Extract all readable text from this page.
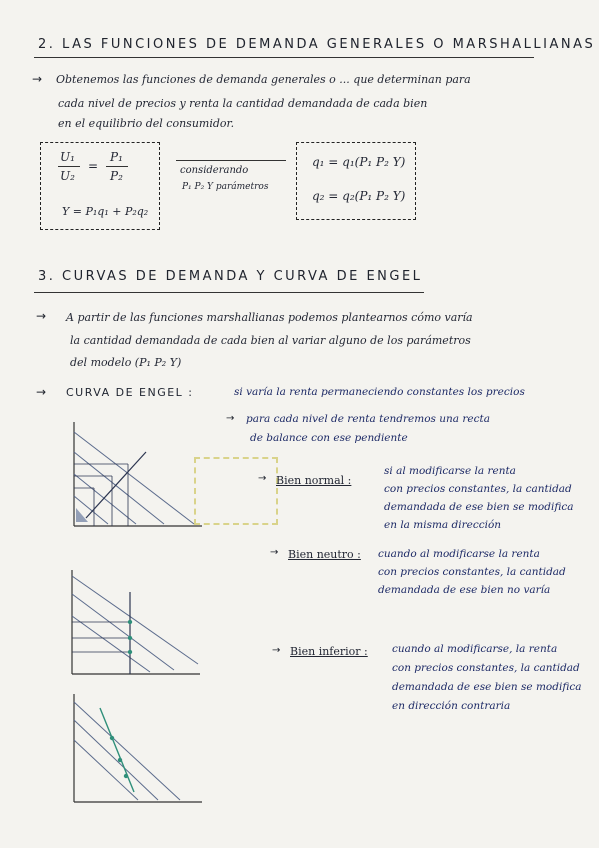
2. LAS FUNCIONES DE DEMANDA GENERALES O MARSHALLIANAS
→ Obtenemos las funciones de demanda generales o ... que determinan para
cada nivel de precios y renta la cantidad demandada de cada bien
en el equilibrio del consumidor.
U₁
U₂
=
P₁
P₂
Y = P₁q₁ + P₂q₂
considerando
P₁ P₂ Y parámetros
q₁ = q₁(P₁ P₂ Y)
q₂ = q₂(P₁ P₂ Y)
3. CURVAS DE DEMANDA Y CURVA DE ENGEL
→ A partir de las funciones marshallianas podemos plantearnos cómo varía
la cantidad demandada de cada bien al variar alguno de los parámetros
del modelo (P₁ P₂ Y)
→ CURVA DE ENGEL :	si varía la renta permaneciendo constantes los precios
→ para cada nivel de renta tendremos una recta
de balance con ese pendiente
→ Bien normal :
si al modificarse la renta
con precios constantes, la cantidad
demandada de ese bien se modifica
en la misma dirección
→ Bien neutro : cuando al modificarse la renta
con precios constantes, la cantidad
demandada de ese bien no varía
→ Bien inferior : cuando al modificarse, la renta
con precios constantes, la cantidad
demandada de ese bien se modifica
en dirección contraria
